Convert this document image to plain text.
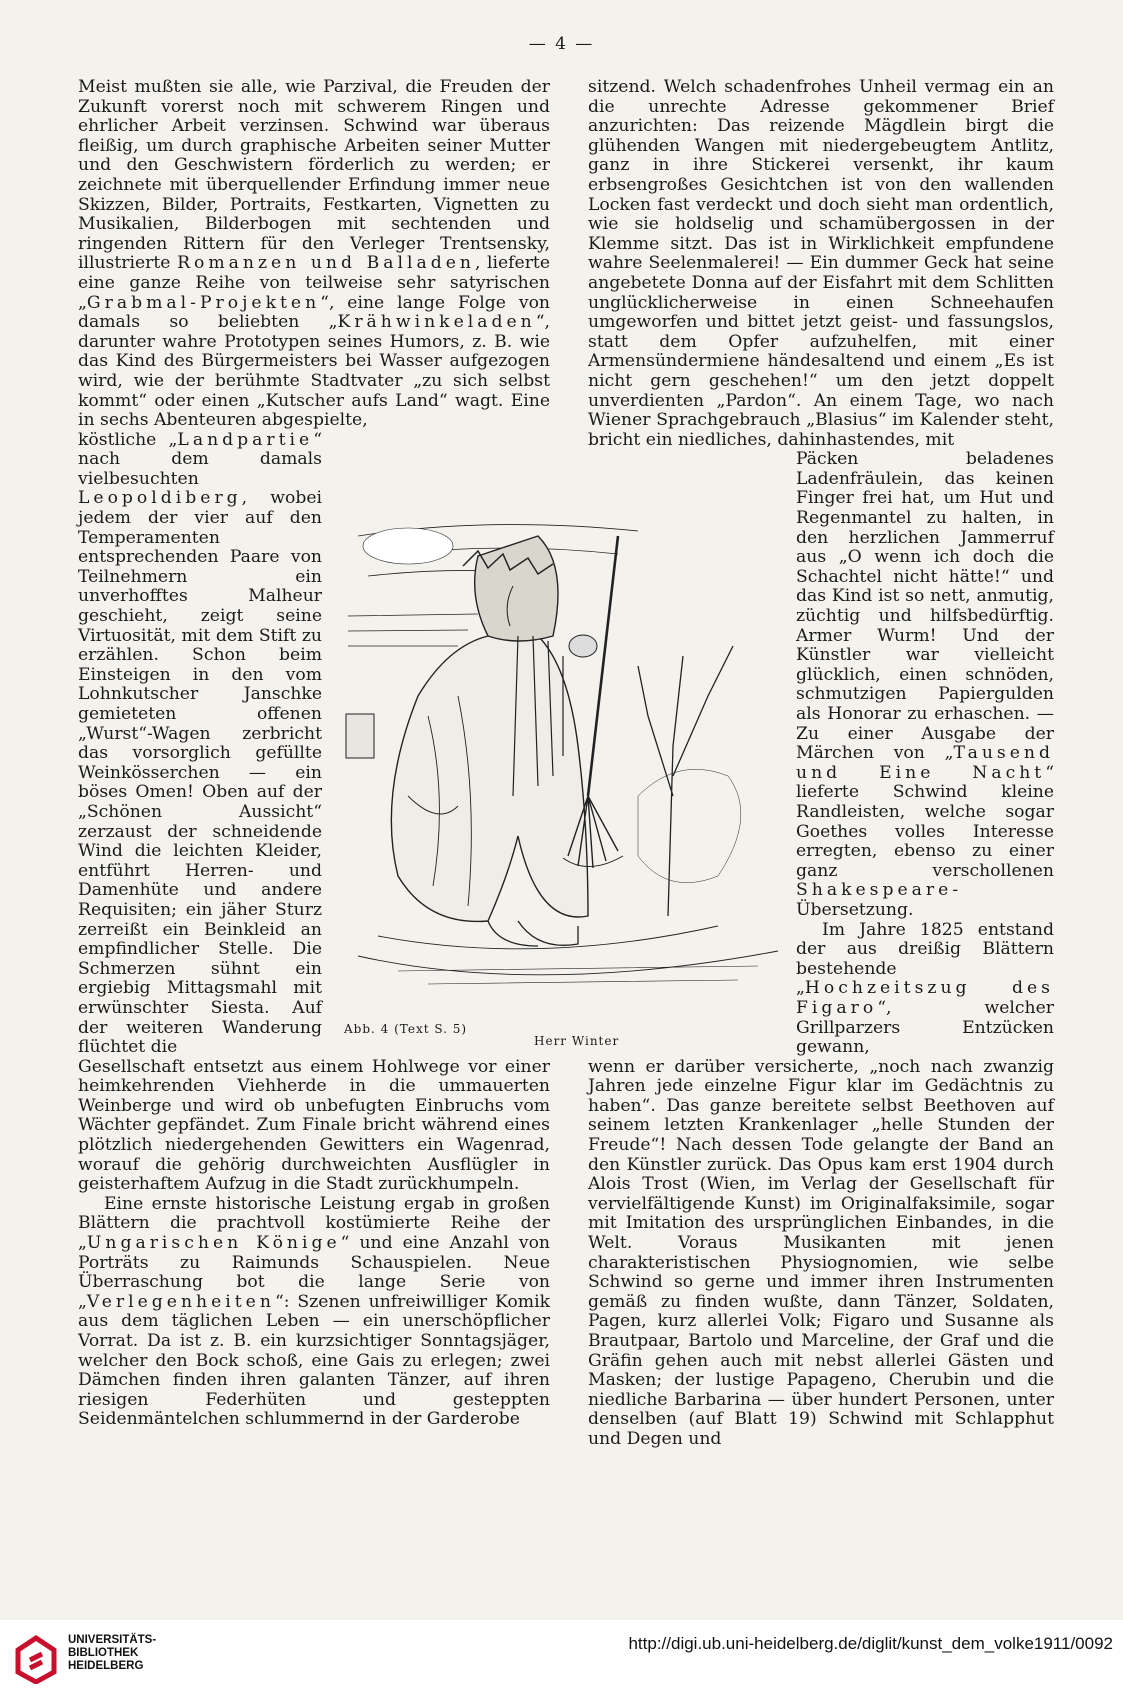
— 4 —

Meist mußten sie alle, wie Parzival, die Freuden der Zukunft vorerst noch mit schwerem Ringen und ehrlicher Arbeit verzinsen. Schwind war überaus fleißig, um durch graphische Arbeiten seiner Mutter und den Geschwistern förderlich zu werden; er zeichnete mit überquellender Erfindung immer neue Skizzen, Bilder, Portraits, Festkarten, Vignetten zu Musikalien, Bilderbogen mit sechtenden und ringenden Rittern für den Verleger Trentsensky, illustrierte Romanzen und Balladen, lieferte eine ganze Reihe von teilweise sehr satyrischen „Grabmal-Projekten“, eine lange Folge von damals so beliebten „Krähwinkeladen“, darunter wahre Prototypen seines Humors, z. B. wie das Kind des Bürgermeisters bei Wasser aufgezogen wird, wie der berühmte Stadtvater „zu sich selbst kommt“ oder einen „Kutscher aufs Land“ wagt. Eine in sechs Abenteuren abgespielte,

köstliche „Landpartie“ nach dem damals vielbesuchten Leopoldiberg, wobei jedem der vier auf den Temperamenten entsprechenden Paare von Teilnehmern ein unverhofftes Malheur geschieht, zeigt seine Virtuosität, mit dem Stift zu erzählen. Schon beim Einsteigen in den vom Lohnkutscher Janschke gemieteten offenen „Wurst“-Wagen zerbricht das vorsorglich gefüllte Weinkösserchen — ein böses Omen! Oben auf der „Schönen Aussicht“ zerzaust der schneidende Wind die leichten Kleider, entführt Herren- und Damenhüte und andere Requisiten; ein jäher Sturz zerreißt ein Beinkleid an empfindlicher Stelle. Die Schmerzen sühnt ein ergiebig Mittagsmahl mit erwünschter Siesta. Auf der weiteren Wanderung flüchtet die

Gesellschaft entsetzt aus einem Hohlwege vor einer heimkehrenden Viehherde in die ummauerten Weinberge und wird ob unbefugten Einbruchs vom Wächter gepfändet. Zum Finale bricht während eines plötzlich niedergehenden Gewitters ein Wagenrad, worauf die gehörig durchweichten Ausflügler in geisterhaftem Aufzug in die Stadt zurückhumpeln.

Eine ernste historische Leistung ergab in großen Blättern die prachtvoll kostümierte Reihe der „Ungarischen Könige“ und eine Anzahl von Porträts zu Raimunds Schauspielen. Neue Überraschung bot die lange Serie von „Verlegenheiten“: Szenen unfreiwilliger Komik aus dem täglichen Leben — ein unerschöpflicher Vorrat. Da ist z. B. ein kurzsichtiger Sonntagsjäger, welcher den Bock schoß, eine Gais zu erlegen; zwei Dämchen finden ihren galanten Tänzer, auf ihren riesigen Federhüten und gesteppten Seidenmäntelchen schlummernd in der Garderobe

sitzend. Welch schadenfrohes Unheil vermag ein an die unrechte Adresse gekommener Brief anzurichten: Das reizende Mägdlein birgt die glühenden Wangen mit niedergebeugtem Antlitz, ganz in ihre Stickerei versenkt, ihr kaum erbsengroßes Gesichtchen ist von den wallenden Locken fast verdeckt und doch sieht man ordentlich, wie sie holdselig und schamübergossen in der Klemme sitzt. Das ist in Wirklichkeit empfundene wahre Seelenmalerei! — Ein dummer Geck hat seine angebetete Donna auf der Eisfahrt mit dem Schlitten unglücklicherweise in einen Schneehaufen umgeworfen und bittet jetzt geist- und fassungslos, statt dem Opfer aufzuhelfen, mit einer Armensündermiene händesaltend und einem „Es ist nicht gern geschehen!“ um den jetzt doppelt unverdienten „Pardon“. An einem Tage, wo nach Wiener Sprachgebrauch „Blasius“ im Kalender steht, bricht ein niedliches, dahinhastendes, mit

Päcken beladenes Ladenfräulein, das keinen Finger frei hat, um Hut und Regenmantel zu halten, in den herzlichen Jammerruf aus „O wenn ich doch die Schachtel nicht hätte!“ und das Kind ist so nett, anmutig, züchtig und hilfsbedürftig. Armer Wurm! Und der Künstler war vielleicht glücklich, einen schnöden, schmutzigen Papiergulden als Honorar zu erhaschen. — Zu einer Ausgabe der Märchen von „Tausend und Eine Nacht“ lieferte Schwind kleine Randleisten, welche sogar Goethes volles Interesse erregten, ebenso zu einer ganz verschollenen Shakespeare-Übersetzung.
Im Jahre 1825 entstand der aus dreißig Blättern bestehende „Hochzeitszug des Figaro“, welcher Grillparzers Entzücken gewann,

wenn er darüber versicherte, „noch nach zwanzig Jahren jede einzelne Figur klar im Gedächtnis zu haben“. Das ganze bereitete selbst Beethoven auf seinem letzten Krankenlager „helle Stunden der Freude“! Nach dessen Tode gelangte der Band an den Künstler zurück. Das Opus kam erst 1904 durch Alois Trost (Wien, im Verlag der Gesellschaft für vervielfältigende Kunst) im Originalfaksimile, sogar mit Imitation des ursprünglichen Einbandes, in die Welt. Voraus Musikanten mit jenen charakteristischen Physiognomien, wie selbe Schwind so gerne und immer ihren Instrumenten gemäß zu finden wußte, dann Tänzer, Soldaten, Pagen, kurz allerlei Volk; Figaro und Susanne als Brautpaar, Bartolo und Marceline, der Graf und die Gräfin gehen auch mit nebst allerlei Gästen und Masken; der lustige Papageno, Cherubin und die niedliche Barbarina — über hundert Personen, unter denselben (auf Blatt 19) Schwind mit Schlapphut und Degen und

Abb. 4 (Text S. 5)
Herr Winter
UNIVERSITÄTS-
BIBLIOTHEK
HEIDELBERG
http://digi.ub.uni-heidelberg.de/diglit/kunst_dem_volke1911/0092
